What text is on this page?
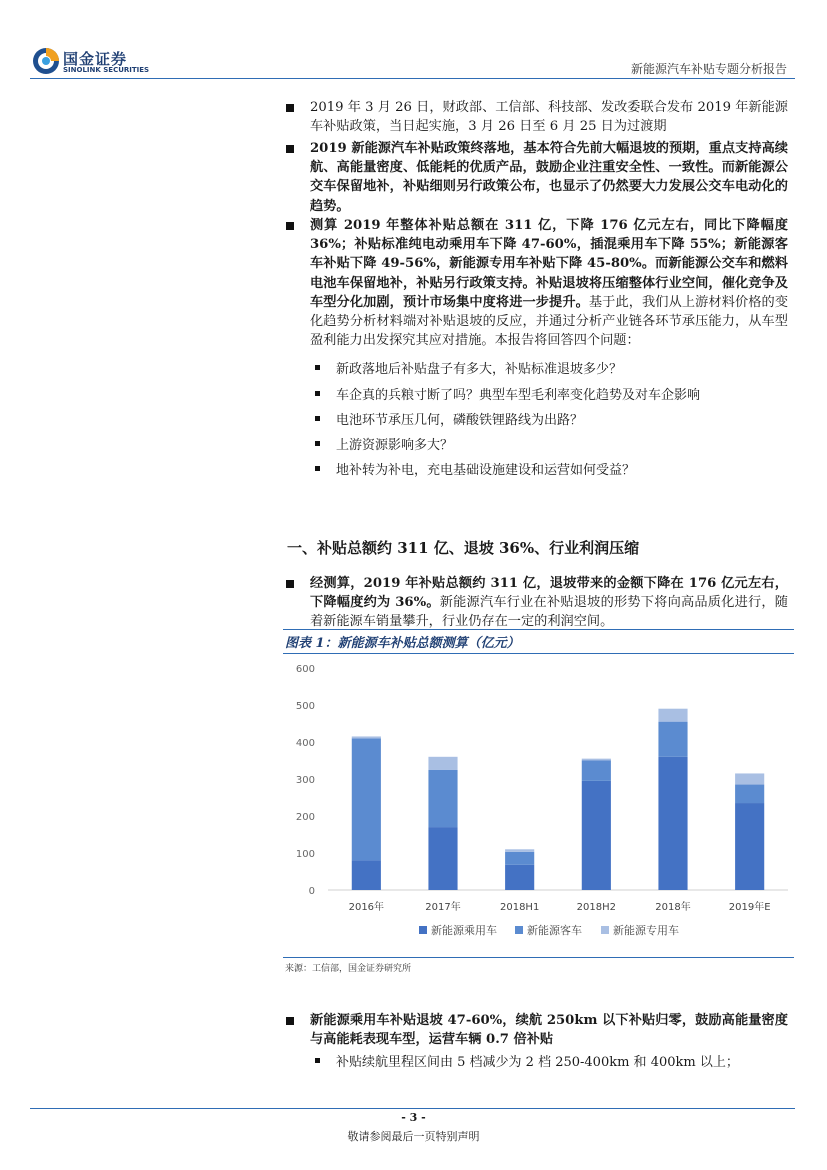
国金证券
SINOLINK SECURITIES	新能源汽车补贴专题分析报告
2019 年 3 月 26 日，财政部、工信部、科技部、发改委联合发布 2019 年新能源车补贴政策，当日起实施，3 月 26 日至 6 月 25 日为过渡期
2019 新能源汽车补贴政策终落地，基本符合先前大幅退坡的预期，重点支持高续航、高能量密度、低能耗的优质产品，鼓励企业注重安全性、一致性。而新能源公交车保留地补，补贴细则另行政策公布，也显示了仍然要大力发展公交车电动化的趋势。
测算 2019 年整体补贴总额在 311 亿，下降 176 亿元左右，同比下降幅度 36%；补贴标准纯电动乘用车下降 47-60%，插混乘用车下降 55%；新能源客车补贴下降 49-56%，新能源专用车补贴下降 45-80%。而新能源公交车和燃料电池车保留地补，补贴另行政策支持。补贴退坡将压缩整体行业空间，催化竞争及车型分化加剧，预计市场集中度将进一步提升。基于此，我们从上游材料价格的变化趋势分析材料端对补贴退坡的反应，并通过分析产业链各环节承压能力，从车型盈利能力出发探究其应对措施。本报告将回答四个问题：
新政落地后补贴盘子有多大，补贴标准退坡多少？
车企真的兵粮寸断了吗？典型车型毛利率变化趋势及对车企影响
电池环节承压几何，磷酸铁锂路线为出路？
上游资源影响多大？
地补转为补电，充电基础设施建设和运营如何受益？
一、补贴总额约 311 亿、退坡 36%、行业利润压缩
经测算，2019 年补贴总额约 311 亿，退坡带来的金额下降在 176 亿元左右，下降幅度约为 36%。新能源汽车行业在补贴退坡的形势下将向高品质化进行，随着新能源车销量攀升，行业仍存在一定的利润空间。
图表 1：新能源车补贴总额测算（亿元）
0
100
200
300
400
500
600
2016年	2017年	2018H1	2018H2	2018年	2019年E
新能源乘用车	新能源客车	新能源专用车
来源：工信部，国金证券研究所
新能源乘用车补贴退坡 47-60%，续航 250km 以下补贴归零，鼓励高能量密度与高能耗表现车型，运营车辆 0.7 倍补贴
补贴续航里程区间由 5 档减少为 2 档 250-400km 和 400km 以上；
- 3 -
敬请参阅最后一页特别声明
